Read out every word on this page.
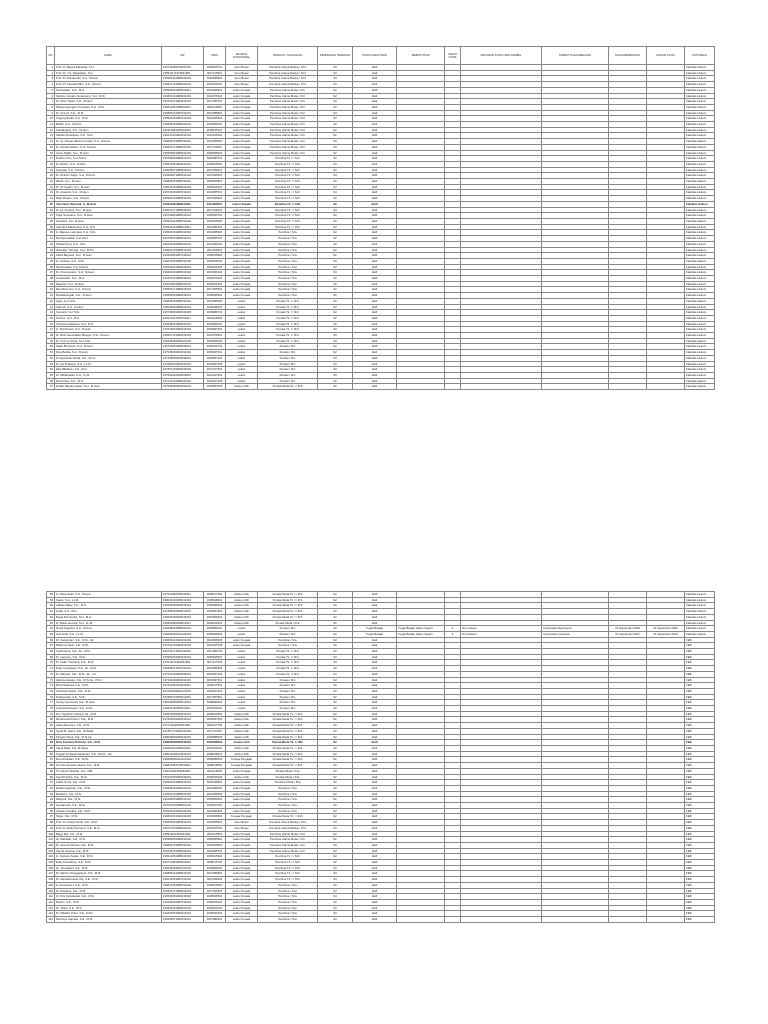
NO	NAMA	NIP	NIDN	JENJANG FUNGSIONAL	PANGKAT / GOLONGAN	PENDIDIKAN TERAKHIR	STATUS KEAKTIFAN	TEMPAT STUDI	TAHUN STUDI	PROGRAM STUDI YANG DIAMBIL	TEMPAT TUGAS BELAJAR	TAHUN BERANGKAT	DURASI STUDI	UNIT KERJA
1	Prof. Dr. Barani Rahardja, S.H.	195710281979031001	0028105701	Guru Besar	Pembina Utama Madya / IV/d	S3	Aktif							Fakultas Hukum
2	Prof. Dr. Y.S. Tawatadan, S.H.	195511171979031001	0017115501	Guru Besar	Pembina Utama Madya / IV/d	S3	Aktif							Fakultas Hukum
3	Prof. Dr. Kamarudin, S.H., M.Hum	195605101980031001	0010055601	Guru Besar	Pembina Utama Madya / IV/d	S3	Aktif							Fakultas Hukum
4	Prof. Dr. Kasuda Wibo, S.H., M.Hum	195607121986031002	0012075601	Guru Besar	Pembina Utama Madya / IV/d	S3	Aktif							Fakultas Hukum
5	Sumirahalo, S.H., M.H.	195909011985031001	0001095901	Lektor Kepala	Pembina Utama Muda / IV/c	S2	Aktif							Fakultas Hukum
6	Kartjoro Gunjaro Sosarsono, S.H., M.Si.	195407221983031002	0022075401	Lektor Kepala	Pembina Utama Muda / IV/c	S2	Aktif							Fakultas Hukum
7	Dr. Nour Tjatoh, S.H., M.Hum	195709171984031001	0017095701	Lektor Kepala	Pembina Utama Muda / IV/c	S3	Aktif							Fakultas Hukum
8	Paulus Agungkon Sumarsa, S.H., M.Si.	195511201985031001	0020115501	Lektor Kepala	Pembina Utama Muda / IV/c	S2	Aktif							Fakultas Hukum
9	Dr. Amrani, S.H., M.Si.	195808101987031001	0010085801	Lektor Kepala	Pembina Utama Muda / IV/c	S3	Aktif							Fakultas Hukum
10	Sugeng Rudia, S.H., M.Si.	195903151987031002	0015035901	Lektor Kepala	Pembina Utama Muda / IV/c	S2	Aktif							Fakultas Hukum
11	Baidin, S.H., M.Hum	195605051986031003	0005055601	Lektor Kepala	Pembina Utama Muda / IV/c	S2	Aktif							Fakultas Hukum
12	Suratanjaya, S.H., M.Hum	195112081983031002	0008125101	Lektor Kepala	Pembina Utama Muda / IV/c	S2	Aktif							Fakultas Hukum
13	Sahala Simanjuna, S.H., M.H.	195210101984031001	0010105201	Lektor Kepala	Pembina Utama Muda / IV/c	S2	Aktif							Fakultas Hukum
14	Dr. Hj. Nasyim Baihuni Azhari, S.H., M.Hum	195605131985032001	0013055601	Lektor Kepala	Pembina Utama Muda / IV/c	S3	Aktif							Fakultas Hukum
15	Dr. Ahmad Zaham, S.H., M.Hum	195507171986031001	0017075501	Lektor Kepala	Pembina Utama Muda / IV/c	S3	Aktif							Fakultas Hukum
16	Aman Maliki, S.H., M.Hum	195609051985031002	0005095602	Lektor Kepala	Pembina Utama Muda / IV/c	S2	Aktif							Fakultas Hukum
17	Rudiono Pur, S.H.,M.P.A.	195708201986031001	0020085701	Lektor Kepala	Pembina Tk. I / IV/b	S2	Aktif							Fakultas Hukum
18	Dr. Bahrin, S.H., M.Hum	195510051984031001	0005105501	Lektor Kepala	Pembina Tk. I / IV/b	S3	Aktif							Fakultas Hukum
19	Sutopiali, S.H., M.Hum	196005071986031001	0007056001	Lektor Kepala	Pembina Tk. I / IV/b	S2	Aktif							Fakultas Hukum
20	Dr. Ibrahim Sagio, S.H., M.Hum	195609071986031002	0007095601	Lektor Kepala	Pembina Tk. I / IV/b	S3	Aktif							Fakultas Hukum
21	Wiarti, S.H., M.Hum	195806061986032001	0006065801	Lektor Kepala	Pembina Tk. I / IV/b	S2	Aktif							Fakultas Hukum
22	Dr. Ni. Syafiri, S.H., M.Hum	196001051986031002	0005016001	Lektor Kepala	Pembina Tk. I / IV/b	S3	Aktif							Fakultas Hukum
23	Dr. Anwandi, S.H., M.Hum	195708181987031001	0018085701	Lektor Kepala	Pembina Tk. I / IV/b	S3	Aktif							Fakultas Hukum
24	Malo Pitoaru, S.H., M.Hum	195903101986031002	0010035901	Lektor Kepala	Pembina Tk. I / IV/b	S2	Aktif							Fakultas Hukum
25	Abu Zaini Ulkenadi, S., M.Hum	195611081986031001	0011085601	Lektor Kepala	Pembina Tk. I / IV/b	S2	Aktif							Fakultas Hukum
26	Dr. Hj. Suratmi, S.H., M.Hum	196012171988032001	0017126001	Lektor Kepala	Pembina Tk. I / IV/b	S3	Aktif							Fakultas Hukum
27	Pojar Supraeno, S.H., M.Hum	195709051986031001	0005095701	Lektor Kepala	Pembina Tk. I / IV/b	S2	Aktif							Fakultas Hukum
28	Handiarti, S.H. M.Hum	195910021986031002	0002105902	Lektor Kepala	Pembina Tk. I / IV/b	S2	Aktif							Fakultas Hukum
29	Ade Abdi Rakhmana, S.H., M.H.	196206211988031001	0021066201	Lektor Kepala	Pembina Tk. I / IV/b	S2	Aktif							Fakultas Hukum
30	H. Marsius Lukmana, S.H., M.H.	195604051986031004	0014055606	Lektor Kepala	Pembina / IV/a	S2	Aktif							Fakultas Hukum
31	Mei Djumadadi, S.H.,M.H.	195705051986031001	0005055701	Lektor Kepala	Pembina / IV/a	S2	Aktif							Fakultas Hukum
32	Sharial Sony, S.H., M.H.	196104091986031002	0014036102	Lektor Kepala	Pembina / IV/a	S2	Aktif							Fakultas Hukum
33	Gloreider Thomas, S.H., M.Pn.	196001201986031004	0011026003	Lektor Kepala	Pembina / IV/a	S2	Aktif							Fakultas Hukum
34	Abdul Baryanti, S.H., M.Hum	195910051987032001	0005105902	Lektor Kepala	Pembina / IV/a	S2	Aktif							Fakultas Hukum
35	Dr. Firdaus, S.H., M.Si.	196010051986031005	0005106003	Lektor Kepala	Pembina / IV/a	S3	Aktif							Fakultas Hukum
36	Rachmawati, S.H.,M.Hum	196410041990032001	0004106402	Lektor Kepala	Pembina / IV/a	S2	Aktif							Fakultas Hukum
37	Dr. Khomsiyatun, S.H., M.Hum	196209191988031002	0019096202	Lektor Kepala	Pembina / IV/a	S3	Aktif							Fakultas Hukum
38	Ismawatiah, S.H., M.H.	196107021986032001	0002076104	Lektor Kepala	Pembina / IV/a	S2	Aktif							Fakultas Hukum
39	Masamil, S.H., M.Hum	196210031986031003	0003106204	Lektor Kepala	Pembina / IV/a	S2	Aktif							Fakultas Hukum
40	Eko Rusmono, S.H., M.Hum	195506171986031003	0017065501	Lektor Kepala	Pembina / IV/a	S2	Aktif							Fakultas Hukum
41	Mhadianingsih, S.H., M.Hum	195505051986032001	0005055504	Lektor Kepala	Pembina / IV/a	S2	Aktif							Fakultas Hukum
42	Agus, S.H.,M.H.	195508191986031001	0019085502	Lektor	Penata Tk. I / III/d	S2	Aktif							Fakultas Hukum
43	Cahrudi, S.H., M.Hum	196003091986031001	0009036002	Lektor	Penata Tk. I / III/d	S2	Aktif							Fakultas Hukum
44	Sumardi, S.H.,M.H.	196708091993031005	0009086703	Lektor	Penata Tk. I / III/d	S2	Aktif							Fakultas Hukum
45	Indroyo, S.H., M.H.	196512011992031001	0001126502	Lektor	Penata Tk. I / III/d	S2	Aktif							Fakultas Hukum
46	Charoka Habarsan, S.H., M.H.	196209051989031001	0005096201	Lektor	Penata Tk. I / III/d	S2	Aktif							Fakultas Hukum
47	H. Rid Rinnan, S.H., M.Hum	197009091995031002	0009097001	Lektor	Penata Tk. I / III/d	S2	Aktif							Fakultas Hukum
48	Dr. Budi Herwulaatin Baegim, S.H., M.Hum	196507121991031003	0012076501	Lektor	Penata Tk. I / III/d	S3	Aktif							Fakultas Hukum
49	Dr. Fronmy Putra, S.H.,M.H.	198105052008121003	0005058102	Lektor	Penata Tk. I / III/d	S3	Aktif							Fakultas Hukum
50	Salah Mimanoh, S.H., M.Hum	196702051995032001	0005026702	Lektor	Penata / III/c	S2	Aktif							Fakultas Hukum
51	Dina Barika, S.H., M.Hum	197006052000032001	0005067001	Lektor	Penata / III/c	S2	Aktif							Fakultas Hukum
52	Dr Agustinah Dinda, S.H., M.Cn.	197408052000032001	0005087404	Lektor	Penata / III/c	S3	Aktif							Fakultas Hukum
53	Dr. Ayi Prasetyo, S.H., LL.M.	197506032000031001	0003067505	Lektor	Penata / III/c	S3	Aktif							Fakultas Hukum
54	Eka Miladhen, S.H., M.H.	197507132000032002	0013077502	Lektor	Penata / III/c	S2	Aktif							Fakultas Hukum
55	Dr. Miftahuwati, S.H., LL.M.	197601102000032002	0010017604	Lektor	Penata / III/c	S3	Aktif							Fakultas Hukum
56	Rosnimisa, S.H., M.H.	197310131999041001	0013107305	Lektor	Penata / III/c	S2	Aktif							Fakultas Hukum
57	Endah Rantau Itasari, S.H., M.Hum	197505052000032001	0005057509	Asisten Ahli	Penata Muda Tk. I / III/b	S2	Aktif							Fakultas Hukum
58	H. Rahmawati, S.H., M.Hum	197611082006042001	0008117602	Asisten Ahli	Penata Muda Tk. I / III/b	S2	Aktif							Fakultas Hukum
59	Kawin, S.H., LL.M.	198001092006041004	0009018003	Asisten Ahli	Penata Muda Tk. I / III/b	S2	Aktif							Fakultas Hukum
60	Adhias Wahy, S.H., M.H.	198109052008012012	0005098102	Asisten Ahli	Penata Muda Tk. I / III/b	S2	Aktif							Fakultas Hukum
61	Lutfia, S.H., M.H.	197805022008012015	0002057802	Asisten Ahli	Penata Muda Tk. I / III/b	S2	Aktif							Fakultas Hukum
62	Mega Fitri Hertini, S.H., M.H.	198205152006042001	0015058203	Asisten Ahli	Penata Muda Tk. I / III/b	S2	Aktif							Fakultas Hukum
63	M. Defan Hendra, S.H., LL.M	198110282008031001	0028108102	Asisten Ahli	Penata Muda / III/a	S2	Aktif							Fakultas Hukum
64	Rusdi Gogahut, S.H., M.Hum	196208051988031001	0005086201	Lektor	Penata / III/c	S2	Tugas Belajar	Tugas Belajar dalam Negeri	2	Ilmu Hukum	Universitas Diponegoro	01 September 2008	01 September 2009	Fakultas Hukum
65	Ana Fitria, S.H., LL.M.	198404062010122003	0006048404	Lektor	Penata / III/c	S2	Tugas Belajar	Tugas Belajar dalam Negeri	3	Ilmu Hukum	Universitas Indonesia	01 September 2011	01 September 2014	Fakultas Hukum
66	Dr. Kamarzani, S.E., M.Si., Ak.	196506221990031004	0022066505	Lektor Kepala	Pembina / IV/a	S3	Aktif							FEB
67	Mahmud Nasir, S.E., M.M.	195702101984031003	0010025708	Lektor Kepala	Pembina / IV/a	S2	Aktif							FEB
68	Syafruanna, S.E., Ak., M.M.	196706171991032001	0017066703	Lektor	Penata Tk. I / III/d	S2	Aktif							FEB
69	Dr. Haryono, S.E., M.Si.	196502051990031001	0005026507	Lektor	Penata Tk. I / III/d	S3	Aktif							FEB
70	Dr. Heller Yandana, S.E., M.Si.	197011171999031001	0017117002	Lektor	Penata Tk. I / III/d	S3	Aktif							FEB
71	Rudy Kurniawan, S.E., Ak., M.Si.	196908071997031001	0007086905	Lektor	Penata Tk. I / III/d	S2	Aktif							FEB
72	Dr. Maryani, S.E., M.Si., Ak., CA	197203102000032001	0010037206	Lektor	Penata Tk. I / III/d	S3	Aktif							FEB
73	Zaid Hernawan, S.E., M.Si.Ak., Ph.D.	197309152000031001	0015097301	Lektor	Penata / III/c	S3	Aktif							FEB
74	Rina Diagrana, S.E., M.M.	197511052000032001	0005117501	Lektor	Penata / III/c	S2	Aktif							FEB
75	Ahmadus Susilo, S.E., M.Si.	197603042002121001	0004037603	Lektor	Penata / III/c	S2	Aktif							FEB
76	Rudiyansah, S.E., M.Si.	197805172005011002	0017057801	Lektor	Penata / III/c	S2	Aktif							FEB
77	Irmany Hermandi, S.E., M.Hum	198109082005012001	0008098103	Lektor	Penata / III/c	S2	Aktif							FEB
78	Juanda Asanaran, S.E., M.Sc.	198207152005011001	0015078201	Lektor	Penata / III/c	S2	Aktif							FEB
79	Drs. Syaefulrm Ikhsan, Ak., M.M.	196510081990031001	0008106504	Asisten Ahli	Penata Muda Tk. I / III/b	S2	Aktif							FEB
80	Muhammad Fahmi, S.E., M.M.	197506052006041001	0005067503	Asisten Ahli	Penata Muda Tk. I / III/b	S2	Aktif							FEB
81	Halua Rusmary, S.E., M.Si.	197711162006042001	0016117703	Asisten Ahli	Penata Muda Tk. I / III/b	S2	Aktif							FEB
82	Syarif M. Helmi, S.E., M.Sikak.	197807172006041001	0017077807	Asisten Ahli	Penata Muda Tk. I / III/b	S2	Aktif							FEB
83	Fitriyani Ropa, S.E., M.Si.Ak.	198008092006042001	0009088005	Asisten Ahli	Penata Muda Tk. I / III/b	S2	Aktif							FEB
84	Rina Febriany Dwiinhe, S.E., M.Si.	198002032006042004	0003028003	Asisten Ahli	Penata Muda Tk. I / III/b	S2	Aktif							FEB
85	Saudi Rialo, S.E. M.Sains	198110072006041002	0007108101	Asisten Ahli	Penata Muda Tk. I / III/b	S2	Aktif							FEB
86	Anggar Ferhanal Harjanoto, S.E., M.Acc., Ak.	198012082014041001	0008128001	Asisten Ahli	Penata Muda Tk. I / III/b	S2	Aktif							FEB
87	Eza Rohadian, S.E., M.Sc.	198408082010121004	0008088403	Tenaga Pengajar	Penata Muda Tk. I / III/b	S2	Aktif							FEB
88	Nur Firmansyah Hastuti, S.E., M.M.	198811082015042001	0008118804	Tenaga Pengajar	Penata Muda Tk. I / III/b	S2	Aktif							FEB
89	Tri Utamin Rositha, S.E., MM.	196011011986032002	0001116005	Lektor Kepala	Penata Muda / III/a	S2	Aktif							FEB
90	Seni Rozisha, S.E., M.Si.	196101052000032001	0005016104	Asisten Ahli	Penata Muda / III/a	S2	Aktif							FEB
91	Adelfi, Kurni, S.E., M.M.	196503201986031001	0020036504	Lektor Kepala	Pembina Muda / III/a	S2	Aktif							FEB
92	Marian Agustian, S.E., M.Si.	196508101990031002	0010086502	Lektor Kepala	Pembina / IV/a	S2	Aktif							FEB
93	Budiarim, S.E., M.Si.	196505101988031005	0010056503	Lektor Kepala	Pembina / IV/a	S2	Aktif							FEB
94	Rahyudi, S.E., M.Si.	196205051986031001	0005056201	Lektor Kepala	Pembina / IV/a	S2	Aktif							FEB
95	Hendarman, S.E., M.Si.	197007091998021001	0009077002	Lektor Kepala	Pembina / IV/a	S2	Aktif							FEB
96	Antaran Kardiza, S.E., M.M.	196409101991031002	0010096404	Lektor Kepala	Pembina / IV/a	S2	Aktif							FEB
97	Sirjan, S.E., M.Si.	196802031991031003	0003026804	Tenaga Pengajar	Penata Muda Tk. I / III/b	S2	Aktif							FEB
98	Prof. Dr. Anwar Ismail, S.E., M.M.	195606051983031001	0005065601	Guru Besar	Pembina Utama Madya / IV/d	S3	Aktif							FEB
99	Prof. Dr. Eddy Purnomo, S.E., M.Si.	195707041986031002	0004075702	Guru Besar	Pembina Utama Madya / IV/d	S3	Aktif							FEB
100	Bagjo Mik, S.E., M.M.	195511101984031001	0010115501	Lektor Kepala	Pembina Utama Muda / IV/c	S2	Aktif							FEB
101	Hj. Wahidah, S.E., M.Si.	195905051986032002	0005055901	Lektor Kepala	Pembina Utama Muda / IV/c	S2	Aktif							FEB
102	Dr. Sumprit Mirnad, S.E., M.Si.	195804201985031001	0020045803	Lektor Kepala	Pembina Utama Muda / IV/c	S3	Aktif							FEB
103	Samat Syarma, S.E., M.M.	195706201985031001	0020065701	Lektor Kepala	Pembina Utama Muda / IV/c	S2	Aktif							FEB
104	H. Sutrisno Sodes, S.E., M.Si.	195610051985031002	0005105602	Lektor Kepala	Pembina Tk. I / IV/b	S2	Aktif							FEB
105	Eddy Kurnadhya, S.E., M.M.	195711081986031002	0008115702	Lektor Kepala	Pembina Tk. I / IV/b	S2	Aktif							FEB
106	Dr. Jumadhah, S.E., M.Si.	196005081987031002	0008056002	Lektor Kepala	Pembina Tk. I / IV/b	S3	Aktif							FEB
107	Dr. Marimo Panggabean, S.E., M.Si.	195808121986031002	0012085802	Lektor Kepala	Pembina Tk. I / IV/b	S3	Aktif							FEB
108	Dr. Mustafa Assaf Urip, S.E., M.Si.	196010051987031002	0011036002	Lektor Kepala	Pembina Tk. I / IV/b	S3	Aktif							FEB
109	H. Ali Hanzom, S.E., M.Si.	195612051986031002	0005125601	Lektor Kepala	Pembina / IV/a	S2	Aktif							FEB
110	Dr. Pawaras, S.E., M.M.	196303171988031003	0017036303	Lektor Kepala	Pembina / IV/a	S3	Aktif							FEB
111	Dr. Rini Sulistiawati, S.E., M.Si.	196504081990032002	0008046502	Lektor Kepala	Pembina / IV/a	S3	Aktif							FEB
112	Martun, S.E., M.M.	196106401987031002	0006106102	Lektor Kepala	Pembina / IV/a	S2	Aktif							FEB
113	Dr. Jihani, S.E., M.Si.	196401051989031002	0005016403	Lektor Kepala	Pembina / IV/a	S3	Aktif							FEB
114	Dr. Wiladhy Putra, S.E., M.Su.	196404051990031002	0005046403	Lektor Kepala	Pembina / IV/a	S3	Aktif							FEB
115	Mia Fitya Kapuwa, S.E., M.Si.	196608071991032001	0007086601	Lektor Kepala	Pembina / IV/a	S2	Aktif							FEB
